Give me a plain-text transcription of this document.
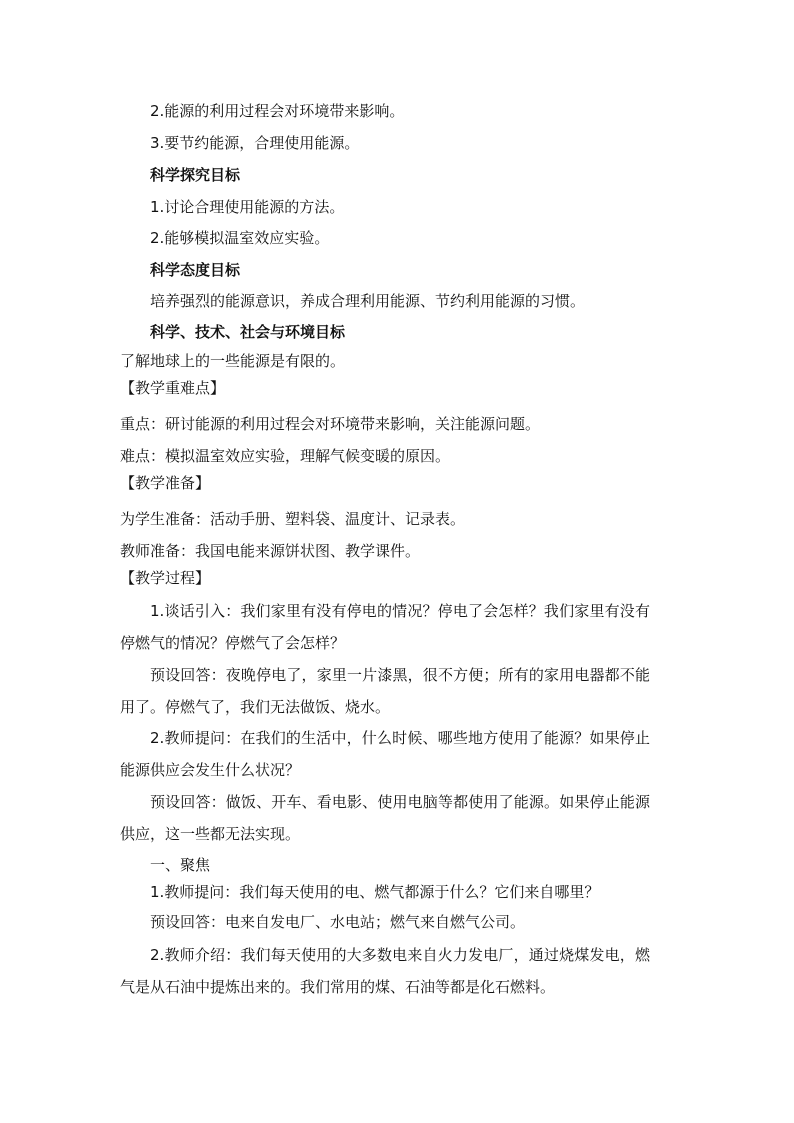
2.能源的利用过程会对环境带来影响。
3.要节约能源，合理使用能源。
科学探究目标
1.讨论合理使用能源的方法。
2.能够模拟温室效应实验。
科学态度目标
培养强烈的能源意识，养成合理利用能源、节约利用能源的习惯。
科学、技术、社会与环境目标
了解地球上的一些能源是有限的。
【教学重难点】
重点：研讨能源的利用过程会对环境带来影响，关注能源问题。
难点：模拟温室效应实验，理解气候变暖的原因。
【教学准备】
为学生准备：活动手册、塑料袋、温度计、记录表。
教师准备：我国电能来源饼状图、教学课件。
【教学过程】
1.谈话引入：我们家里有没有停电的情况？停电了会怎样？我们家里有没有停燃气的情况？停燃气了会怎样？
预设回答：夜晚停电了，家里一片漆黑，很不方便；所有的家用电器都不能用了。停燃气了，我们无法做饭、烧水。
2.教师提问：在我们的生活中，什么时候、哪些地方使用了能源？如果停止能源供应会发生什么状况？
预设回答：做饭、开车、看电影、使用电脑等都使用了能源。如果停止能源供应，这一些都无法实现。
一、聚焦
1.教师提问：我们每天使用的电、燃气都源于什么？它们来自哪里？
预设回答：电来自发电厂、水电站；燃气来自燃气公司。
2.教师介绍：我们每天使用的大多数电来自火力发电厂，通过烧煤发电，燃气是从石油中提炼出来的。我们常用的煤、石油等都是化石燃料。
